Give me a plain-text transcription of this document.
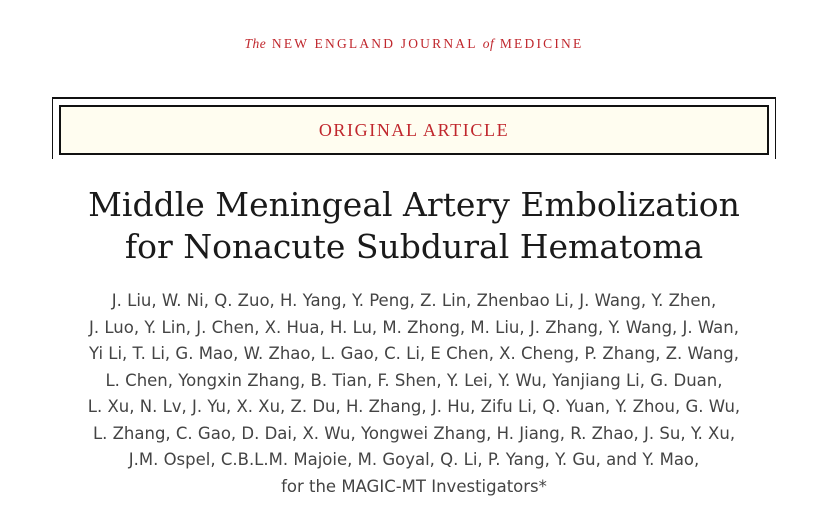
The NEW ENGLAND JOURNAL of MEDICINE
ORIGINAL ARTICLE
Middle Meningeal Artery Embolization
for Nonacute Subdural Hematoma
J. Liu, W. Ni, Q. Zuo, H. Yang, Y. Peng, Z. Lin, Zhenbao Li, J. Wang, Y. Zhen,
J. Luo, Y. Lin, J. Chen, X. Hua, H. Lu, M. Zhong, M. Liu, J. Zhang, Y. Wang, J. Wan,
Yi Li, T. Li, G. Mao, W. Zhao, L. Gao, C. Li, E Chen, X. Cheng, P. Zhang, Z. Wang,
L. Chen, Yongxin Zhang, B. Tian, F. Shen, Y. Lei, Y. Wu, Yanjiang Li, G. Duan,
L. Xu, N. Lv, J. Yu, X. Xu, Z. Du, H. Zhang, J. Hu, Zifu Li, Q. Yuan, Y. Zhou, G. Wu,
L. Zhang, C. Gao, D. Dai, X. Wu, Yongwei Zhang, H. Jiang, R. Zhao, J. Su, Y. Xu,
J.M. Ospel, C.B.L.M. Majoie, M. Goyal, Q. Li, P. Yang, Y. Gu, and Y. Mao,
for the MAGIC-MT Investigators*
